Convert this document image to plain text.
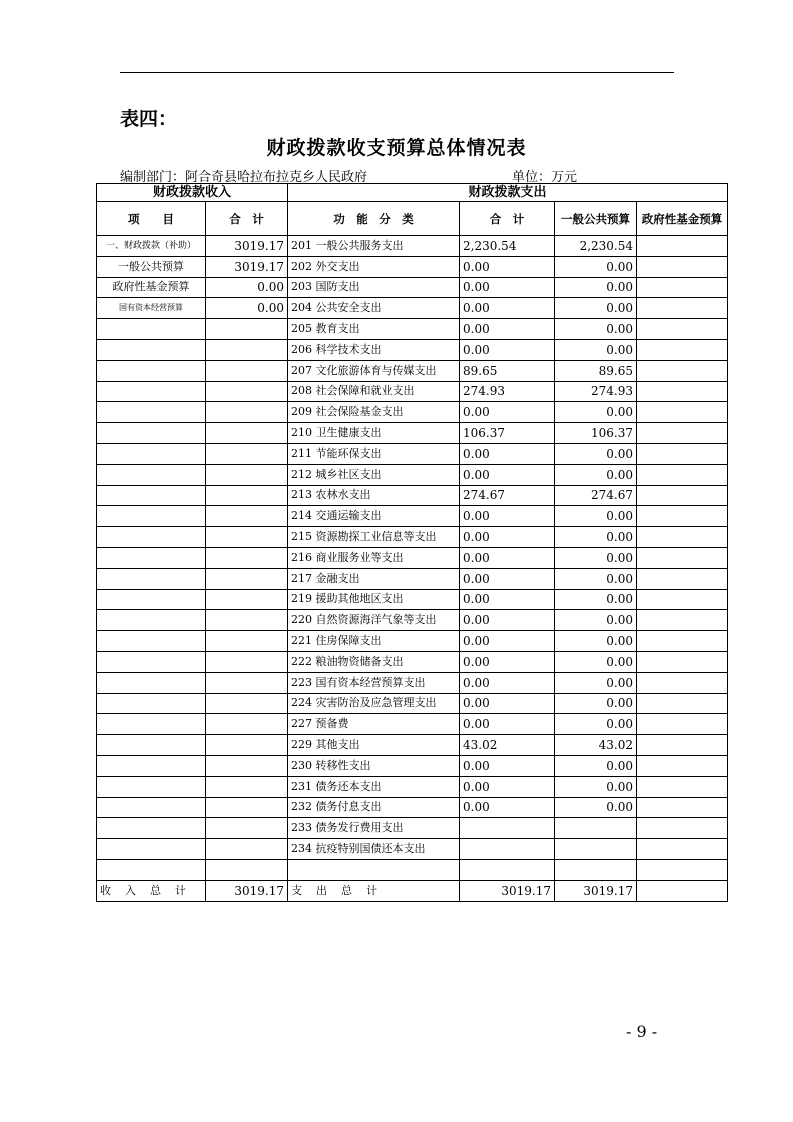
表四：
财政拨款收支预算总体情况表
编制部门：阿合奇县哈拉布拉克乡人民政府	单位：万元
财政拨款收入		财政拨款支出			
项　　目	合　计	功　能　分　类	合　计	一般公共预算	政府性基金预算
一、财政拨款（补助）	3019.17	201 一般公共服务支出	2,230.54	2,230.54	
一般公共预算	3019.17	202 外交支出	0.00	0.00	
政府性基金预算	0.00	203 国防支出	0.00	0.00	
国有资本经营预算	0.00	204 公共安全支出	0.00	0.00	
		205 教育支出	0.00	0.00	
		206 科学技术支出	0.00	0.00	
		207 文化旅游体育与传媒支出	89.65	89.65	
		208 社会保障和就业支出	274.93	274.93	
		209 社会保险基金支出	0.00	0.00	
		210 卫生健康支出	106.37	106.37	
		211 节能环保支出	0.00	0.00	
		212 城乡社区支出	0.00	0.00	
		213 农林水支出	274.67	274.67	
		214 交通运输支出	0.00	0.00	
		215 资源勘探工业信息等支出	0.00	0.00	
		216 商业服务业等支出	0.00	0.00	
		217 金融支出	0.00	0.00	
		219 援助其他地区支出	0.00	0.00	
		220 自然资源海洋气象等支出	0.00	0.00	
		221 住房保障支出	0.00	0.00	
		222 粮油物资储备支出	0.00	0.00	
		223 国有资本经营预算支出	0.00	0.00	
		224 灾害防治及应急管理支出	0.00	0.00	
		227 预备费	0.00	0.00	
		229 其他支出	43.02	43.02	
		230 转移性支出	0.00	0.00	
		231 债务还本支出	0.00	0.00	
		232 债务付息支出	0.00	0.00	
		233 债务发行费用支出			
		234 抗疫特别国债还本支出			

收入总计	3019.17	支出总计	3019.17	3019.17	
- 9 -
